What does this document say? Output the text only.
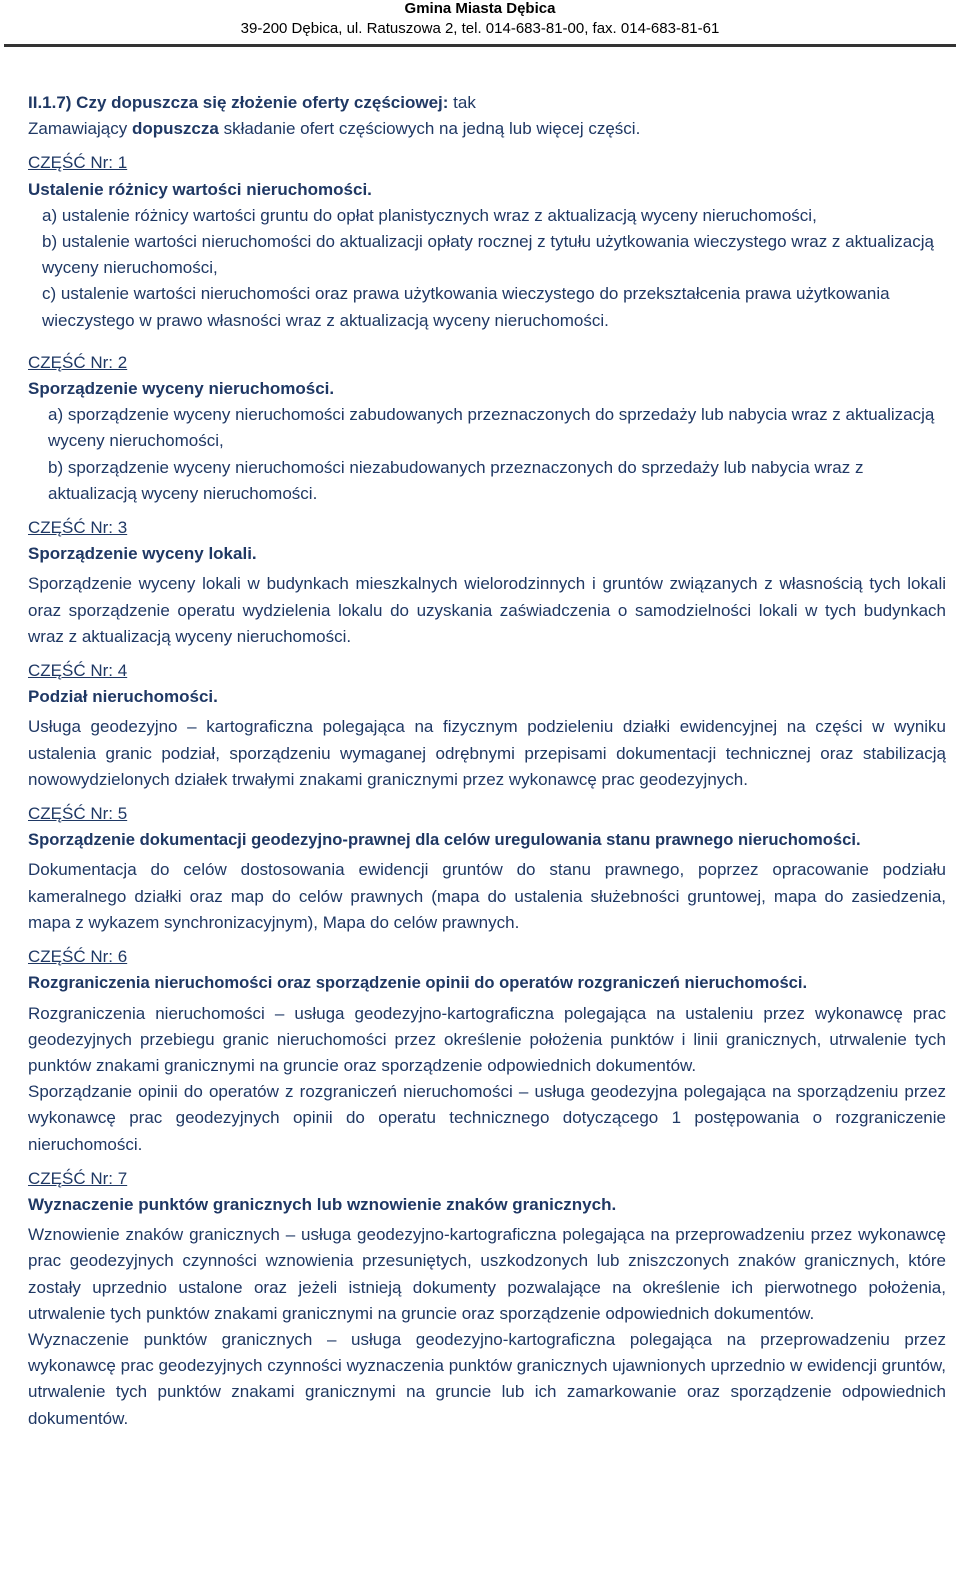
Gmina Miasta Dębica
39-200 Dębica, ul. Ratuszowa 2, tel. 014-683-81-00, fax. 014-683-81-61
II.1.7) Czy dopuszcza się złożenie oferty częściowej: tak
Zamawiający dopuszcza składanie ofert częściowych na jedną lub więcej części.
CZĘŚĆ Nr: 1
Ustalenie różnicy wartości nieruchomości.
a) ustalenie różnicy wartości gruntu do opłat planistycznych wraz z aktualizacją wyceny nieruchomości,
b) ustalenie wartości nieruchomości do aktualizacji opłaty rocznej z tytułu użytkowania wieczystego wraz z aktualizacją wyceny nieruchomości,
c) ustalenie wartości nieruchomości oraz prawa użytkowania wieczystego do przekształcenia prawa użytkowania wieczystego w prawo własności wraz z aktualizacją wyceny nieruchomości.
CZĘŚĆ Nr: 2
Sporządzenie wyceny nieruchomości.
a) sporządzenie wyceny nieruchomości zabudowanych przeznaczonych do sprzedaży lub nabycia wraz z aktualizacją wyceny nieruchomości,
b) sporządzenie wyceny nieruchomości niezabudowanych przeznaczonych do sprzedaży lub nabycia wraz z aktualizacją wyceny nieruchomości.
CZĘŚĆ Nr: 3
Sporządzenie wyceny lokali.
Sporządzenie wyceny lokali w budynkach mieszkalnych wielorodzinnych i gruntów związanych z własnością tych lokali oraz sporządzenie operatu wydzielenia lokalu do uzyskania zaświadczenia o samodzielności lokali w tych budynkach wraz z aktualizacją wyceny nieruchomości.
CZĘŚĆ Nr: 4
Podział nieruchomości.
Usługa geodezyjno – kartograficzna polegająca na fizycznym podzieleniu działki ewidencyjnej na części w wyniku ustalenia granic podział, sporządzeniu wymaganej odrębnymi przepisami dokumentacji technicznej oraz stabilizacją nowowydzielonych działek trwałymi znakami granicznymi przez wykonawcę prac geodezyjnych.
CZĘŚĆ Nr: 5
Sporządzenie dokumentacji geodezyjno-prawnej dla celów uregulowania stanu prawnego nieruchomości.
Dokumentacja do celów dostosowania ewidencji gruntów do stanu prawnego, poprzez opracowanie podziału kameralnego działki oraz map do celów prawnych (mapa do ustalenia służebności gruntowej, mapa do zasiedzenia, mapa z wykazem synchronizacyjnym), Mapa do celów prawnych.
CZĘŚĆ Nr: 6
Rozgraniczenia nieruchomości oraz sporządzenie opinii do operatów rozgraniczeń nieruchomości.
Rozgraniczenia nieruchomości – usługa geodezyjno-kartograficzna polegająca na ustaleniu przez wykonawcę prac geodezyjnych przebiegu granic nieruchomości przez określenie położenia punktów i linii granicznych, utrwalenie tych punktów znakami granicznymi na gruncie oraz sporządzenie odpowiednich dokumentów.
Sporządzanie opinii do operatów z rozgraniczeń nieruchomości – usługa geodezyjna polegająca na sporządzeniu przez wykonawcę prac geodezyjnych opinii do operatu technicznego dotyczącego 1 postępowania o rozgraniczenie nieruchomości.
CZĘŚĆ Nr: 7
Wyznaczenie punktów granicznych lub wznowienie znaków granicznych.
Wznowienie znaków granicznych – usługa geodezyjno-kartograficzna polegająca na przeprowadzeniu przez wykonawcę prac geodezyjnych czynności wznowienia przesuniętych, uszkodzonych lub zniszczonych znaków granicznych, które zostały uprzednio ustalone oraz jeżeli istnieją dokumenty pozwalające na określenie ich pierwotnego położenia, utrwalenie tych punktów znakami granicznymi na gruncie oraz sporządzenie odpowiednich dokumentów.
Wyznaczenie punktów granicznych – usługa geodezyjno-kartograficzna polegająca na przeprowadzeniu przez wykonawcę prac geodezyjnych czynności wyznaczenia punktów granicznych ujawnionych uprzednio w ewidencji gruntów, utrwalenie tych punktów znakami granicznymi na gruncie lub ich zamarkowanie oraz sporządzenie odpowiednich dokumentów.
